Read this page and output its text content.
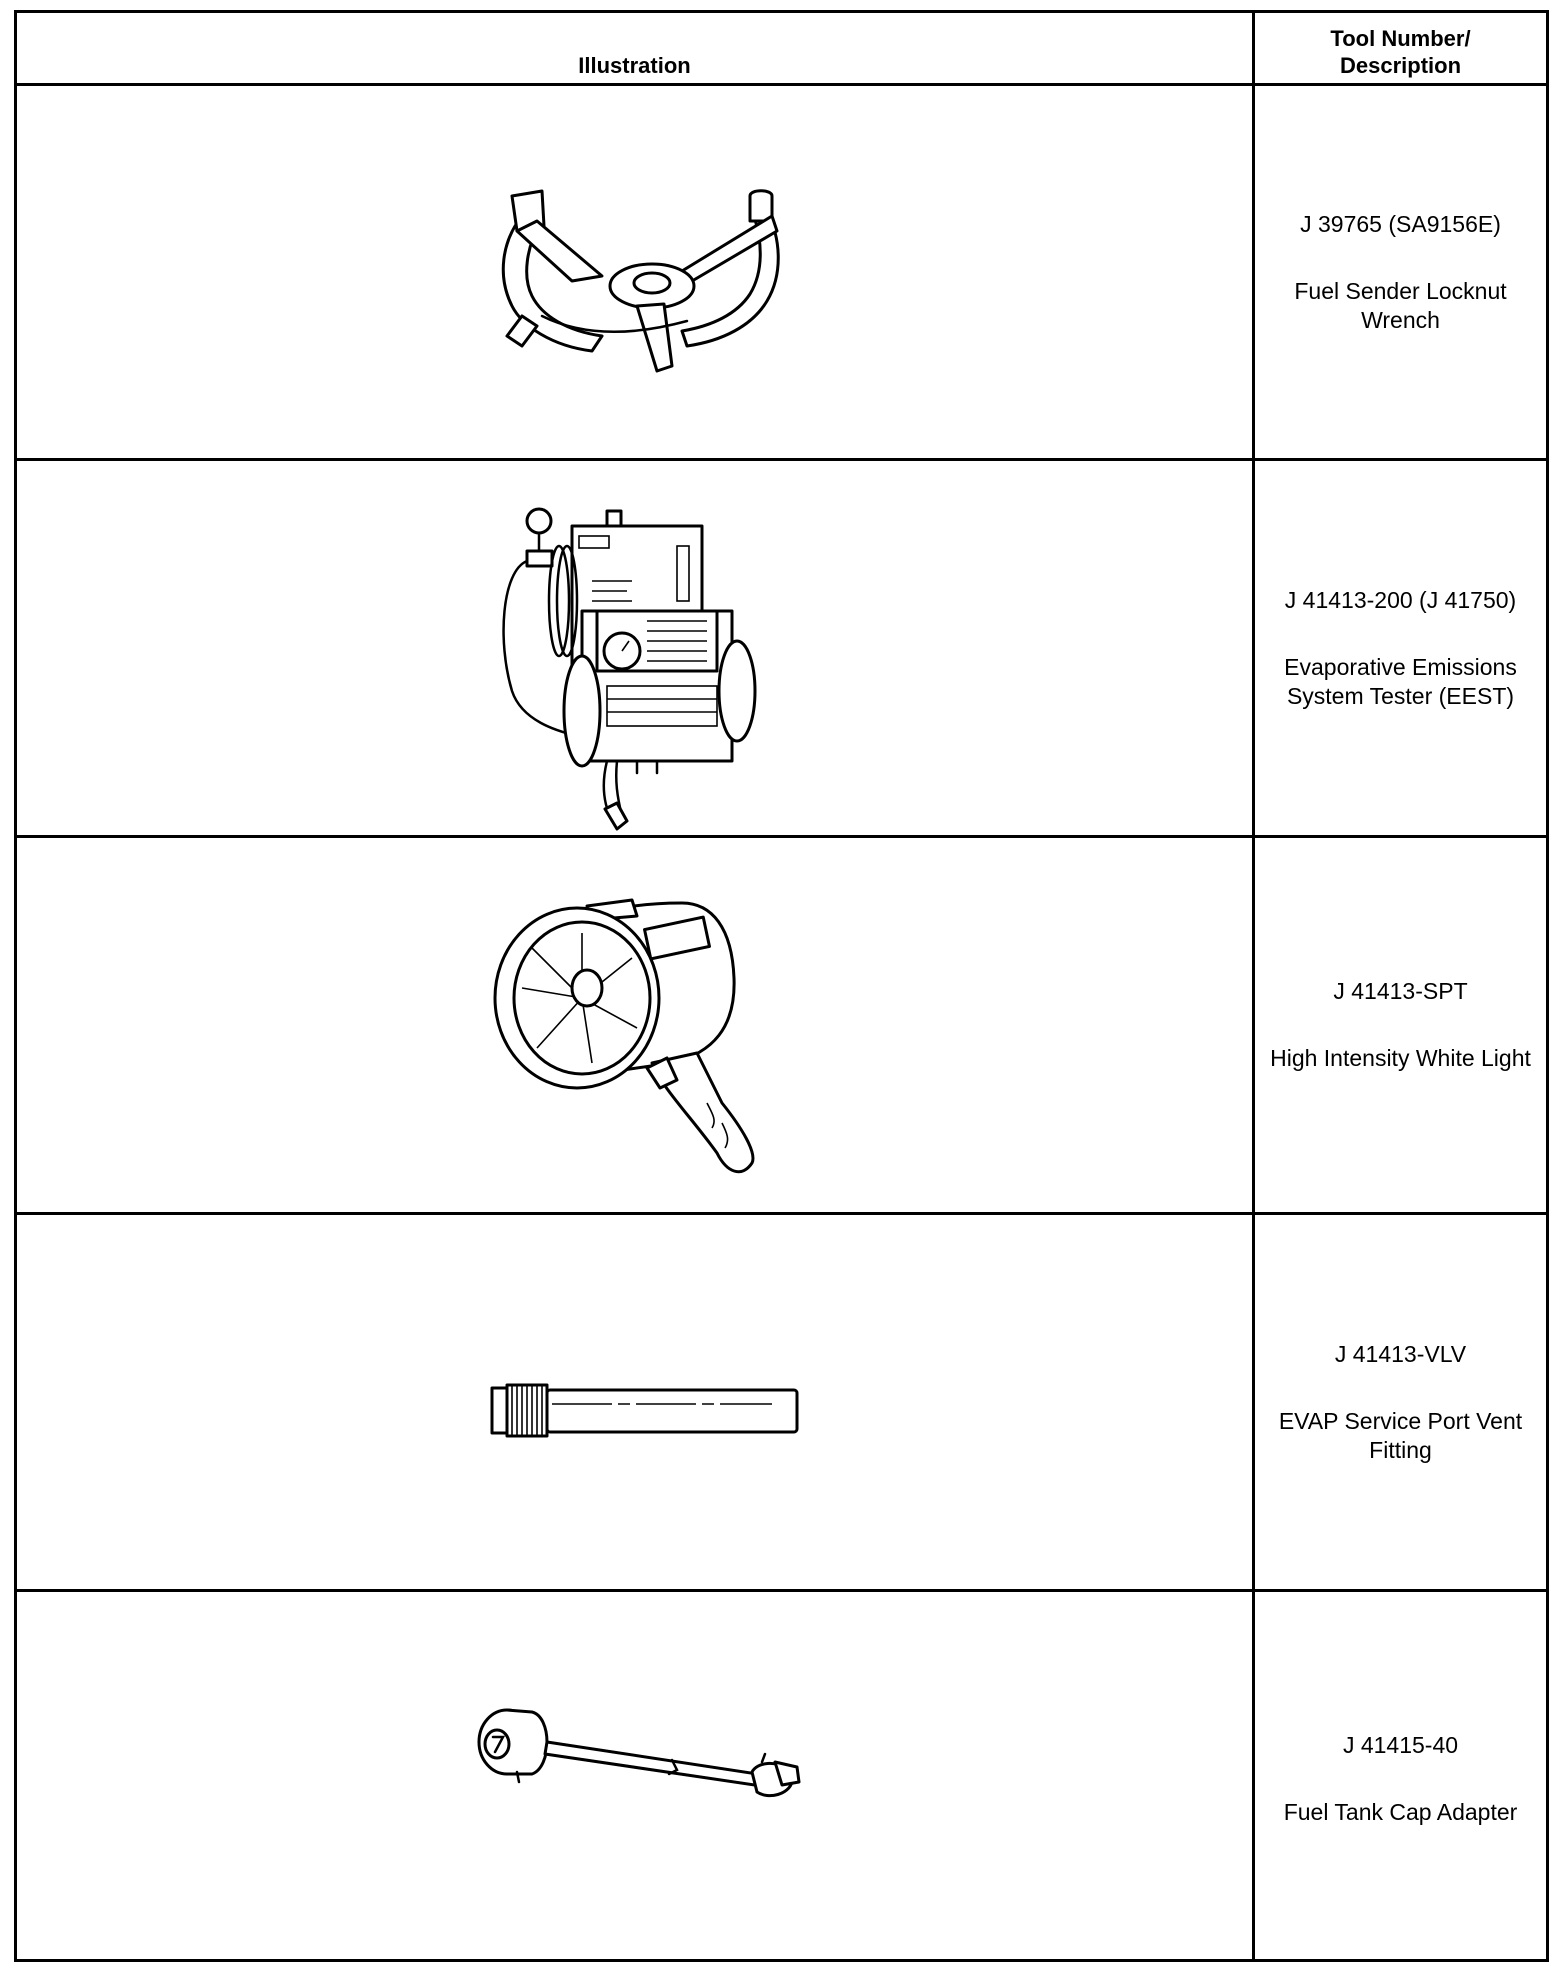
Illustration
Tool Number/
Description
J 39765 (SA9156E)
Fuel Sender Locknut Wrench
J 41413-200 (J 41750)
Evaporative Emissions System Tester (EEST)
J 41413-SPT
High Intensity White Light
J 41413-VLV
EVAP Service Port Vent Fitting
J 41415-40
Fuel Tank Cap Adapter
